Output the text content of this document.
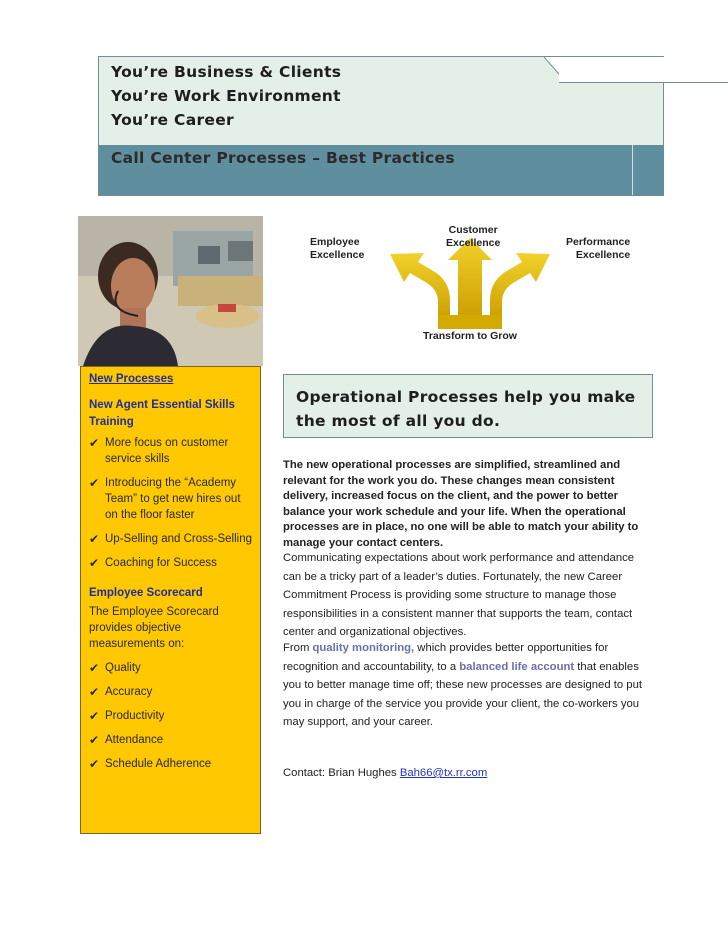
You’re Business & Clients
You’re Work Environment
You’re Career
Call Center Processes – Best Practices
Customer
Excellence
Employee
Excellence
Performance
Excellence
Transform to Grow
New Processes
New Agent Essential Skills Training
✔ More focus on customer service skills
✔ Introducing the “Academy Team” to get new hires out on the floor faster
✔ Up-Selling and Cross-Selling
✔ Coaching for Success
Employee Scorecard
The Employee Scorecard provides objective measurements on:
✔ Quality
✔ Accuracy
✔ Productivity
✔ Attendance
✔ Schedule Adherence
Operational Processes help you make
the most of all you do.
The new operational processes are simplified, streamlined and relevant for the work you do. These changes mean consistent delivery, increased focus on the client, and the power to better balance your work schedule and your life. When the operational processes are in place, no one will be able to match your ability to manage your contact centers.
Communicating expectations about work performance and attendance can be a tricky part of a leader’s duties. Fortunately, the new Career Commitment Process is providing some structure to manage those responsibilities in a consistent manner that supports the team, contact center and organizational objectives.
From quality monitoring, which provides better opportunities for recognition and accountability, to a balanced life account that enables you to better manage time off; these new processes are designed to put you in charge of the service you provide your client, the co-workers you may support, and your career.
Contact: Brian Hughes Bah66@tx.rr.com
